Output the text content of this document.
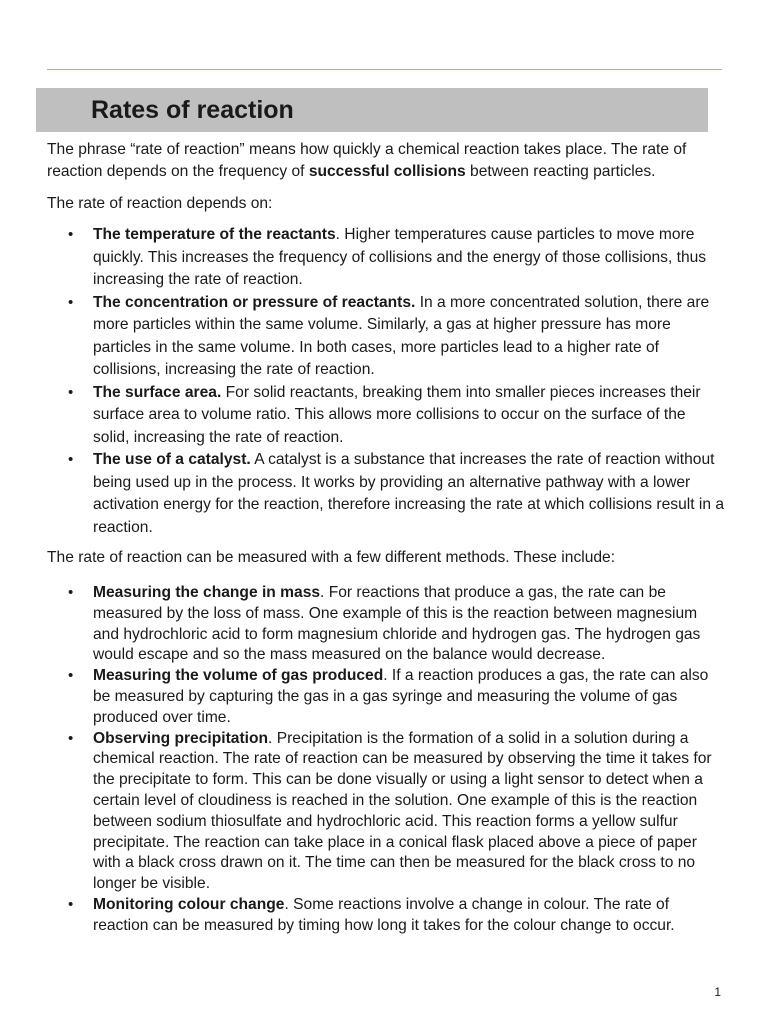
Rates of reaction

The phrase “rate of reaction” means how quickly a chemical reaction takes place. The rate of reaction depends on the frequency of successful collisions between reacting particles.

The rate of reaction depends on:

• The temperature of the reactants. Higher temperatures cause particles to move more quickly. This increases the frequency of collisions and the energy of those collisions, thus increasing the rate of reaction.
• The concentration or pressure of reactants. In a more concentrated solution, there are more particles within the same volume. Similarly, a gas at higher pressure has more particles in the same volume. In both cases, more particles lead to a higher rate of collisions, increasing the rate of reaction.
• The surface area. For solid reactants, breaking them into smaller pieces increases their surface area to volume ratio. This allows more collisions to occur on the surface of the solid, increasing the rate of reaction.
• The use of a catalyst. A catalyst is a substance that increases the rate of reaction without being used up in the process. It works by providing an alternative pathway with a lower activation energy for the reaction, therefore increasing the rate at which collisions result in a reaction.

The rate of reaction can be measured with a few different methods. These include:

• Measuring the change in mass. For reactions that produce a gas, the rate can be measured by the loss of mass. One example of this is the reaction between magnesium and hydrochloric acid to form magnesium chloride and hydrogen gas. The hydrogen gas would escape and so the mass measured on the balance would decrease.
• Measuring the volume of gas produced. If a reaction produces a gas, the rate can also be measured by capturing the gas in a gas syringe and measuring the volume of gas produced over time.
• Observing precipitation. Precipitation is the formation of a solid in a solution during a chemical reaction. The rate of reaction can be measured by observing the time it takes for the precipitate to form. This can be done visually or using a light sensor to detect when a certain level of cloudiness is reached in the solution. One example of this is the reaction between sodium thiosulfate and hydrochloric acid. This reaction forms a yellow sulfur precipitate. The reaction can take place in a conical flask placed above a piece of paper with a black cross drawn on it. The time can then be measured for the black cross to no longer be visible.
• Monitoring colour change. Some reactions involve a change in colour. The rate of reaction can be measured by timing how long it takes for the colour change to occur.
1
